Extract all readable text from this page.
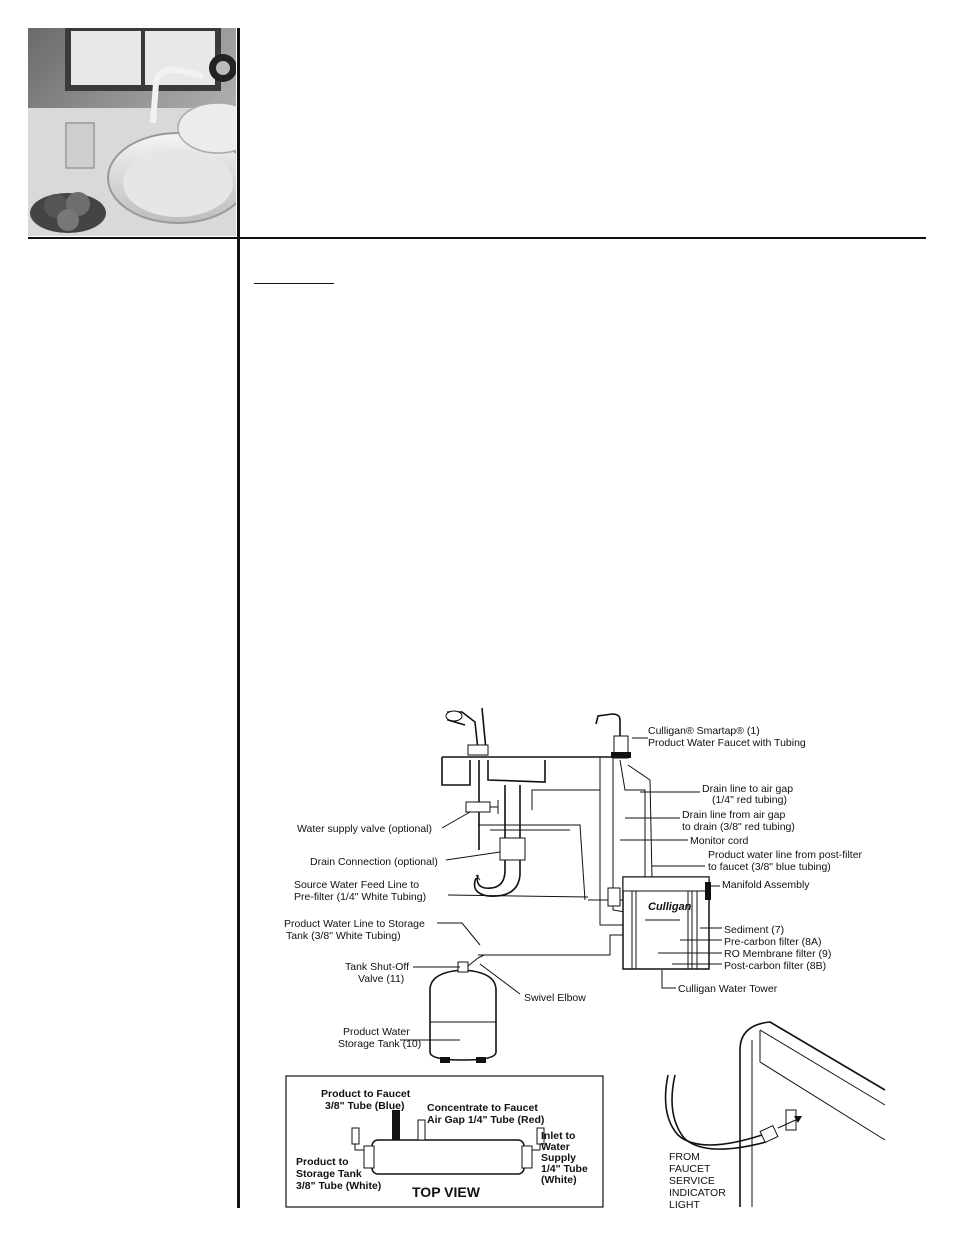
Culligan
Culligan® Smartap® (1)
Product Water Faucet with Tubing
Drain line to air gap
(1/4" red tubing)
Drain line from air gap
to drain (3/8" red tubing)
Monitor cord
Product water line from post-filter
to faucet (3/8" blue tubing)
Manifold Assembly
Sediment (7)
Pre-carbon filter (8A)
RO Membrane filter (9)
Post-carbon filter (8B)
Culligan Water Tower
Water supply valve (optional)
Drain Connection (optional)
Source Water Feed Line to
Pre-filter (1/4" White Tubing)
Product Water Line to Storage
Tank (3/8" White Tubing)
Tank Shut-Off
Valve (11)
Swivel Elbow
Product Water
Storage Tank (10)
Product to Faucet
3/8" Tube (Blue) Concentrate to Faucet
Air Gap 1/4" Tube (Red)
Product to
Storage Tank
3/8" Tube (White)
Inlet to
Water
Supply
1/4" Tube
(White)
TOP VIEW
FROM
FAUCET
SERVICE
INDICATOR
LIGHT
